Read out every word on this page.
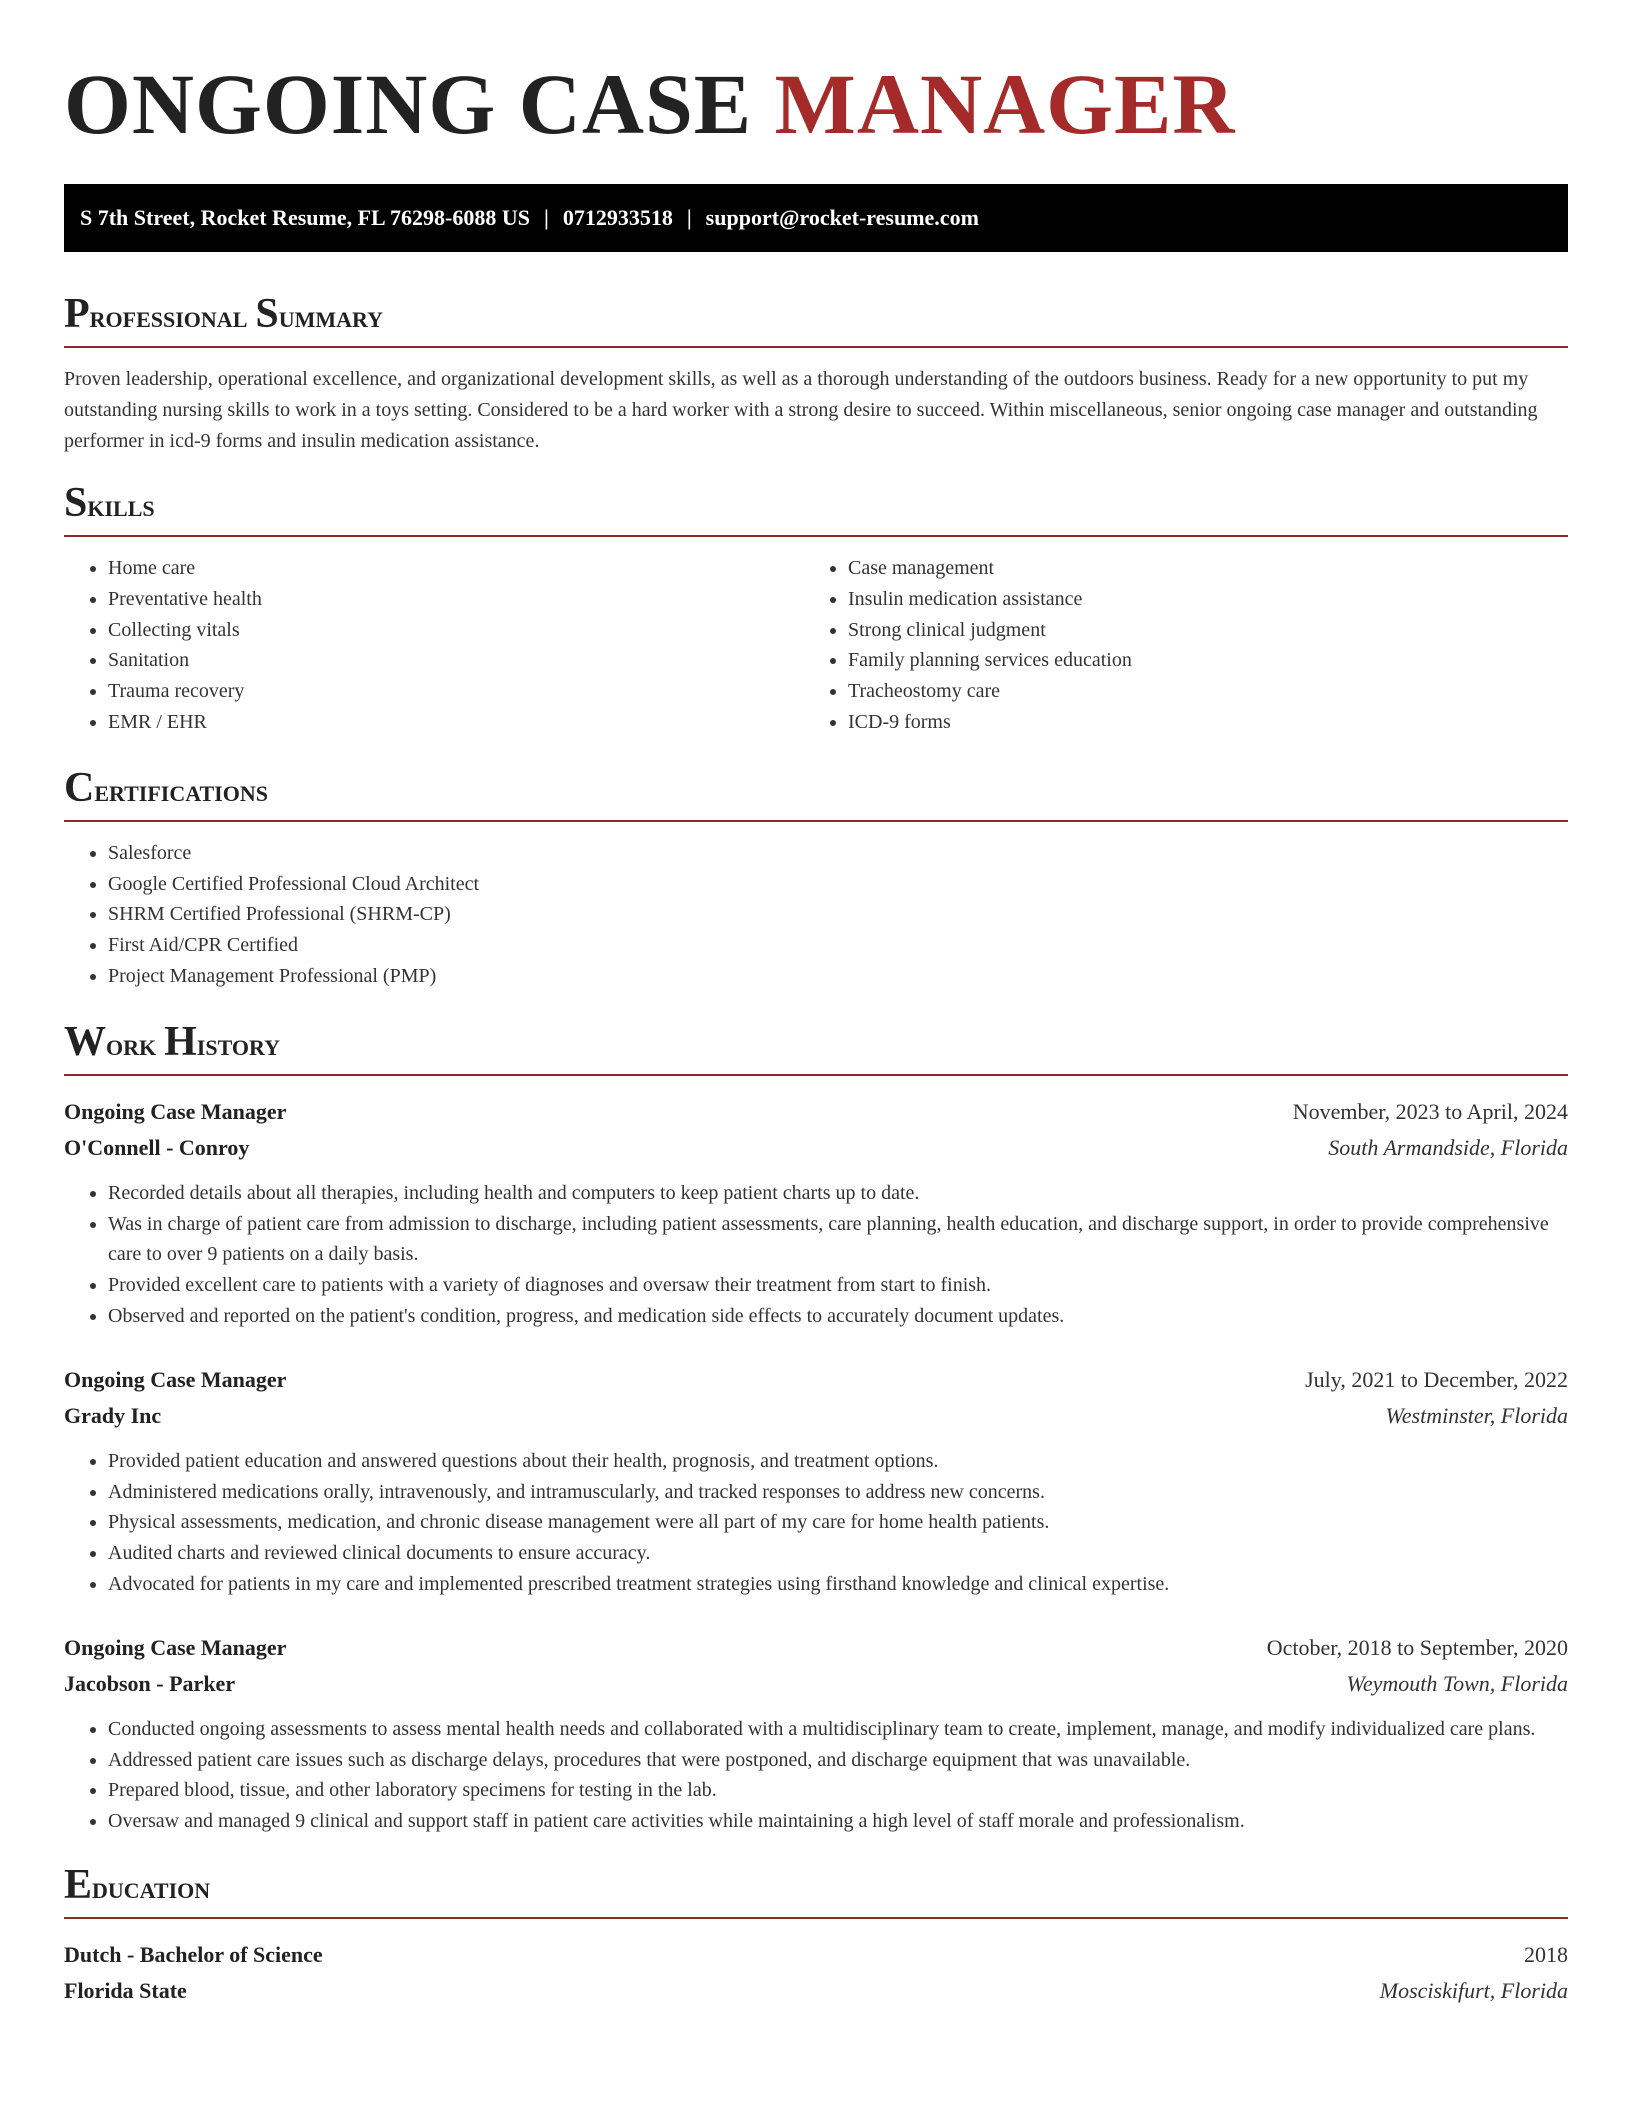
ONGOING CASE MANAGER
S 7th Street, Rocket Resume, FL 76298-6088 US | 0712933518 | support@rocket-resume.com
Professional Summary

Proven leadership, operational excellence, and organizational development skills, as well as a thorough understanding of the outdoors business. Ready for a new opportunity to put my outstanding nursing skills to work in a toys setting. Considered to be a hard worker with a strong desire to succeed. Within miscellaneous, senior ongoing case manager and outstanding performer in icd-9 forms and insulin medication assistance.

Skills
• Home care
• Preventative health
• Collecting vitals
• Sanitation
• Trauma recovery
• EMR / EHR
• Case management
• Insulin medication assistance
• Strong clinical judgment
• Family planning services education
• Tracheostomy care
• ICD-9 forms
Certifications
• Salesforce
• Google Certified Professional Cloud Architect
• SHRM Certified Professional (SHRM-CP)
• First Aid/CPR Certified
• Project Management Professional (PMP)
Work History
Ongoing Case Manager	November, 2023 to April, 2024
O'Connell - Conroy	South Armandside, Florida
• Recorded details about all therapies, including health and computers to keep patient charts up to date.
• Was in charge of patient care from admission to discharge, including patient assessments, care planning, health education, and discharge support, in order to provide comprehensive care to over 9 patients on a daily basis.
• Provided excellent care to patients with a variety of diagnoses and oversaw their treatment from start to finish.
• Observed and reported on the patient's condition, progress, and medication side effects to accurately document updates.
Ongoing Case Manager	July, 2021 to December, 2022
Grady Inc	Westminster, Florida
• Provided patient education and answered questions about their health, prognosis, and treatment options.
• Administered medications orally, intravenously, and intramuscularly, and tracked responses to address new concerns.
• Physical assessments, medication, and chronic disease management were all part of my care for home health patients.
• Audited charts and reviewed clinical documents to ensure accuracy.
• Advocated for patients in my care and implemented prescribed treatment strategies using firsthand knowledge and clinical expertise.
Ongoing Case Manager	October, 2018 to September, 2020
Jacobson - Parker	Weymouth Town, Florida
• Conducted ongoing assessments to assess mental health needs and collaborated with a multidisciplinary team to create, implement, manage, and modify individualized care plans.
• Addressed patient care issues such as discharge delays, procedures that were postponed, and discharge equipment that was unavailable.
• Prepared blood, tissue, and other laboratory specimens for testing in the lab.
• Oversaw and managed 9 clinical and support staff in patient care activities while maintaining a high level of staff morale and professionalism.
Education
Dutch - Bachelor of Science	2018
Florida State	Mosciskifurt, Florida
